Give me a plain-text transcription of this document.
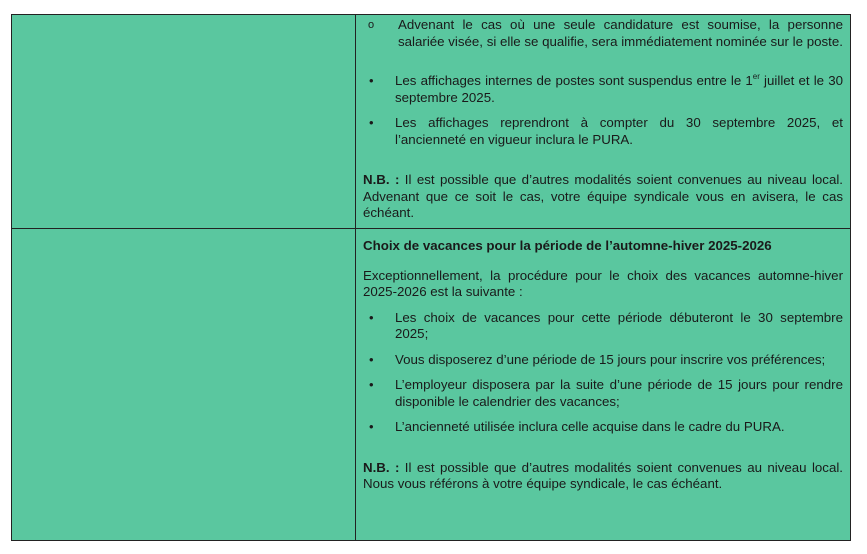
o Advenant le cas où une seule candidature est soumise, la personne salariée visée, si elle se qualifie, sera immédiatement nominée sur le poste.
• Les affichages internes de postes sont suspendus entre le 1er juillet et le 30 septembre 2025.
• Les affichages reprendront à compter du 30 septembre 2025, et l’ancienneté en vigueur inclura le PURA.

N.B. : Il est possible que d’autres modalités soient convenues au niveau local. Advenant que ce soit le cas, votre équipe syndicale vous en avisera, le cas échéant.

Choix de vacances pour la période de l’automne-hiver 2025-2026

Exceptionnellement, la procédure pour le choix des vacances automne-hiver 2025-2026 est la suivante :

• Les choix de vacances pour cette période débuteront le 30 septembre 2025;
• Vous disposerez d’une période de 15 jours pour inscrire vos préférences;
• L’employeur disposera par la suite d’une période de 15 jours pour rendre disponible le calendrier des vacances;
• L’ancienneté utilisée inclura celle acquise dans le cadre du PURA.

N.B. : Il est possible que d’autres modalités soient convenues au niveau local. Nous vous référons à votre équipe syndicale, le cas échéant.
